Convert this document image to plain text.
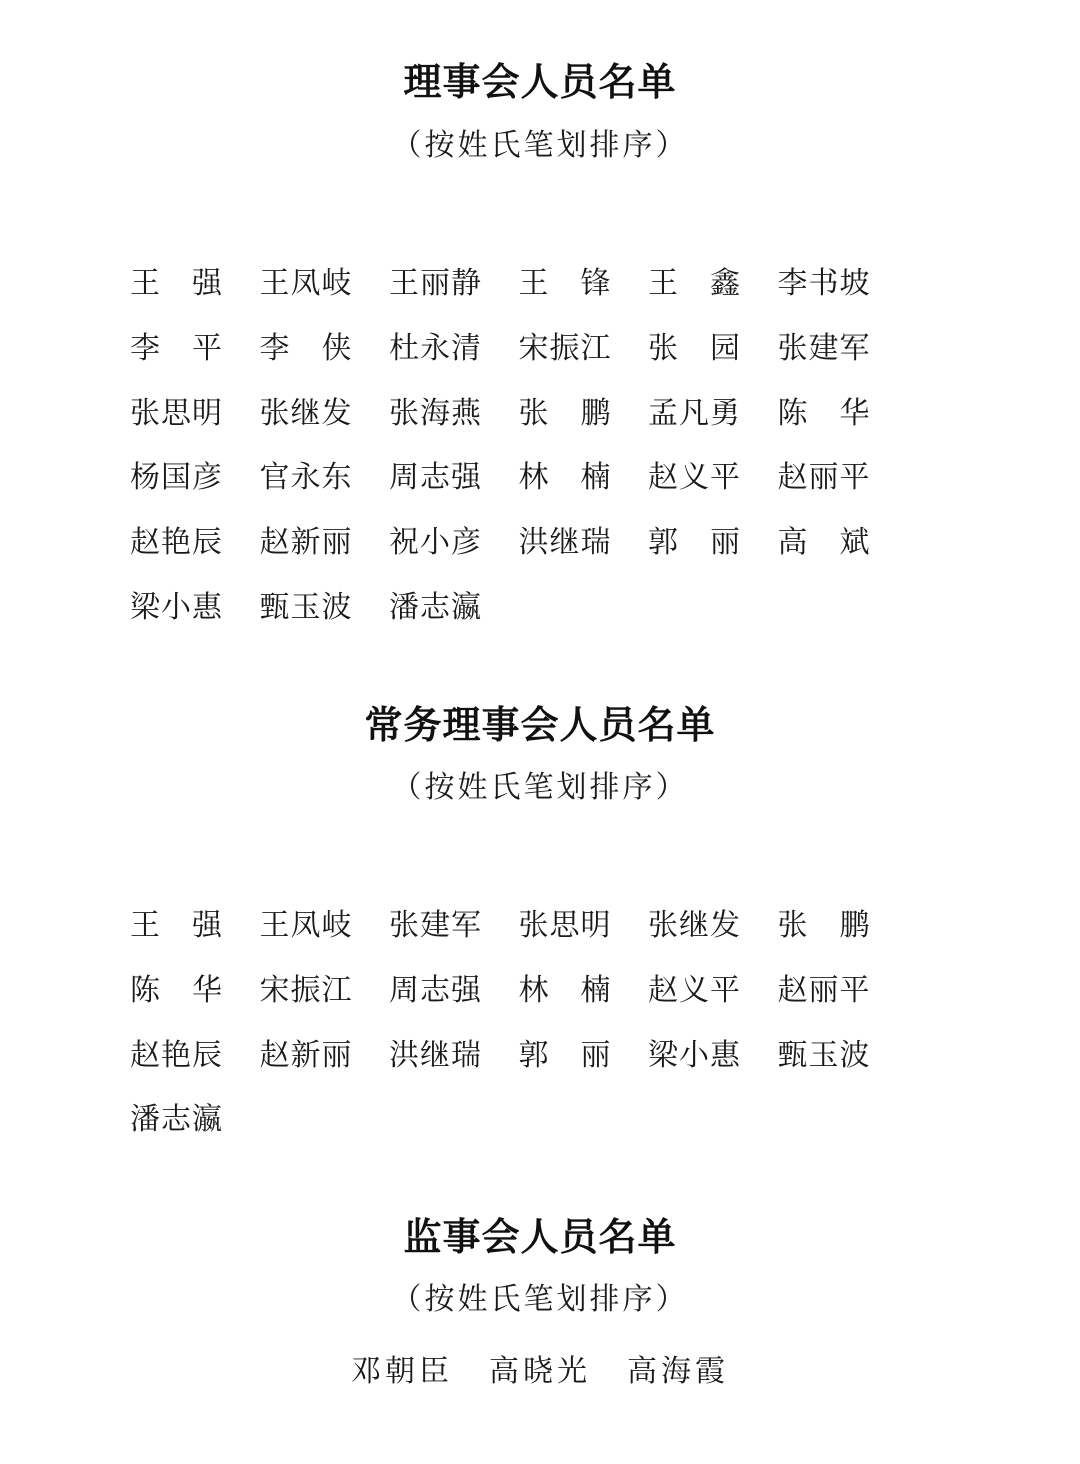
理事会人员名单
（按姓氏笔划排序）
王 强 王 凤 岐 王 丽 静 王 锋 王 鑫 李 书 坡
李 平 李 侠 杜 永 清 宋 振 江 张 园 张 建 军
张 思 明 张 继 发 张 海 燕 张 鹏 孟 凡 勇 陈 华
杨 国 彦 官 永 东 周 志 强 林 楠 赵 义 平 赵 丽 平
赵 艳 辰 赵 新 丽 祝 小 彦 洪 继 瑞 郭 丽 高 斌
梁 小 惠 甄 玉 波 潘 志 瀛
常务理事会人员名单
（按姓氏笔划排序）
王 强 王 凤 岐 张 建 军 张 思 明 张 继 发 张 鹏
陈 华 宋 振 江 周 志 强 林 楠 赵 义 平 赵 丽 平
赵 艳 辰 赵 新 丽 洪 继 瑞 郭 丽 梁 小 惠 甄 玉 波
潘 志 瀛
监事会人员名单
（按姓氏笔划排序）
邓朝臣 高晓光 高海霞
